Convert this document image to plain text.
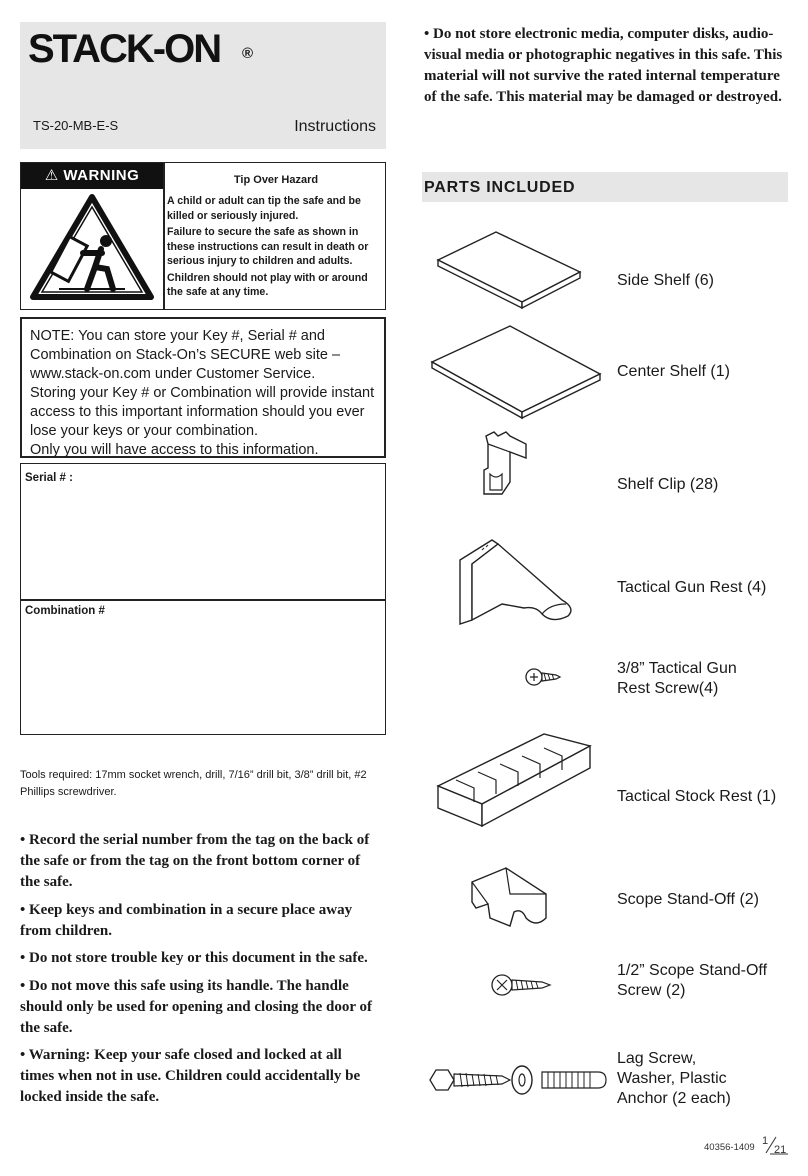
STACK-ON ®
TS-20-MB-E-S	Instructions
⚠ WARNING	Tip Over Hazard

A child or adult can tip the safe and be killed or seriously injured.

Failure to secure the safe as shown in these instructions can result in death or serious injury to children and adults.

Children should not play with or around the safe at any time.

NOTE: You can store your Key #, Serial # and
Combination on Stack-On’s SECURE web site –
www.stack-on.com under Customer Service.
Storing your Key # or Combination will provide instant
access to this important information should you ever
lose your keys or your combination.
Only you will have access to this information.
Serial # :
Combination #
Tools required: 17mm socket wrench, drill, 7/16” drill bit, 3/8” drill bit, #2 Phillips screwdriver.

• Record the serial number from the tag on the back of the safe or from the tag on the front bottom corner of the safe.

• Keep keys and combination in a secure place away from children.

• Do not store trouble key or this document in the safe.

• Do not move this safe using its handle. The handle should only be used for opening and closing the door of the safe.

• Warning: Keep your safe closed and locked at all times when not in use. Children could accidentally be locked inside the safe.

• Do not store electronic media, computer disks, audio-visual media or photographic negatives in this safe. This material will not survive the rated internal temperature of the safe. This material may be damaged or destroyed.
PARTS INCLUDED
Side Shelf (6)
Center Shelf (1)
Shelf Clip (28)
Tactical Gun Rest (4)
3/8” Tactical Gun
Rest Screw(4)
Tactical Stock Rest (1)
Scope Stand-Off (2)
1/2” Scope Stand-Off
Screw (2)
Lag Screw,
Washer, Plastic
Anchor (2 each)
40356-1409
1
21
